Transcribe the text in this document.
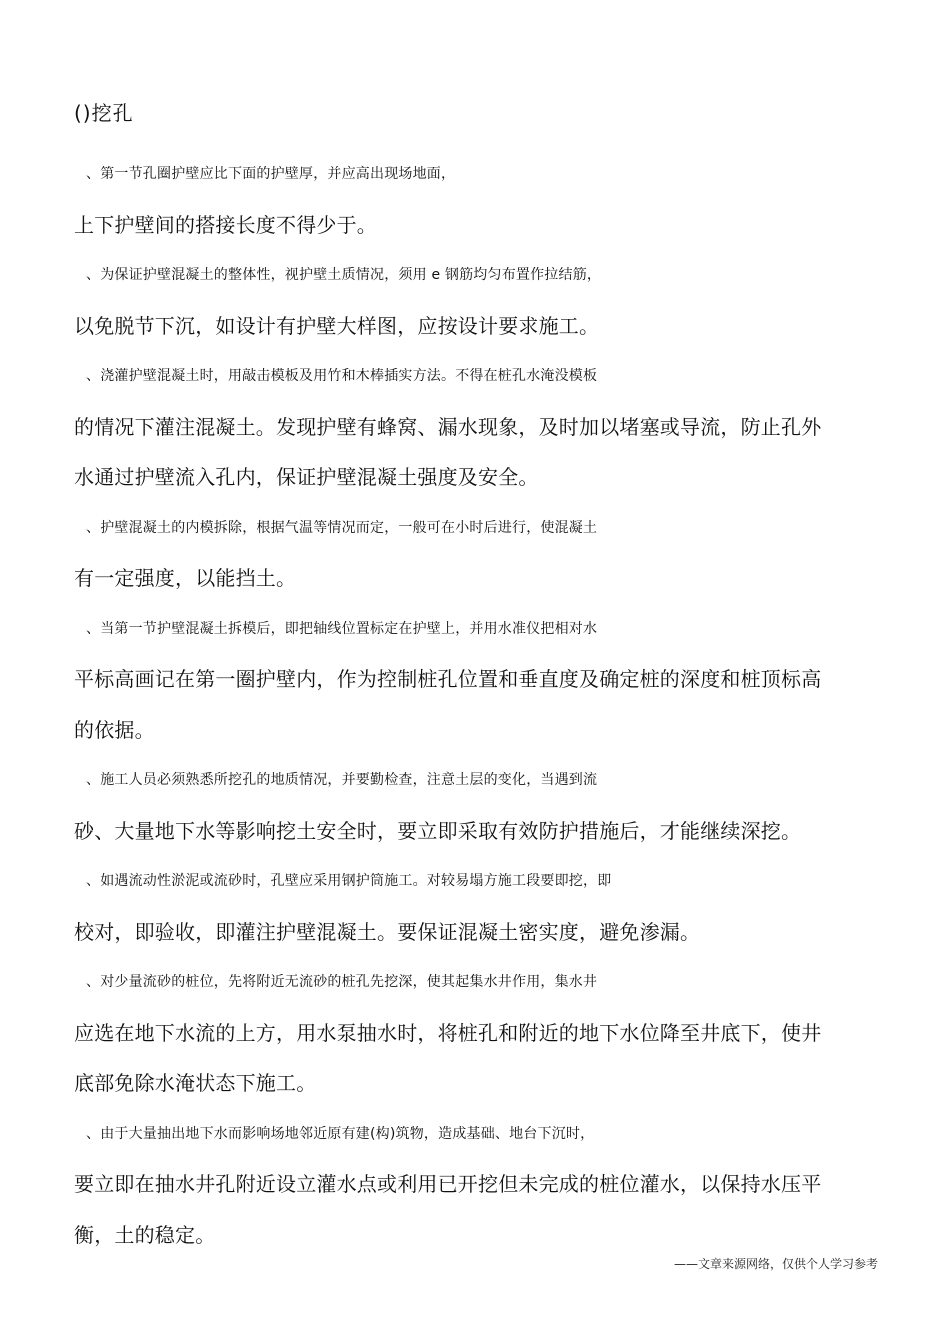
()挖孔

、第一节孔圈护壁应比下面的护壁厚，并应高出现场地面，
上下护壁间的搭接长度不得少于。

、为保证护壁混凝土的整体性，视护壁土质情况，须用 e 钢筋均匀布置作拉结筋，
以免脱节下沉，如设计有护壁大样图，应按设计要求施工。

、浇灌护壁混凝土时，用敲击模板及用竹和木棒插实方法。不得在桩孔水淹没模板
的情况下灌注混凝土。发现护壁有蜂窝、漏水现象，及时加以堵塞或导流，防止孔外
水通过护壁流入孔内，保证护壁混凝土强度及安全。

、护壁混凝土的内模拆除，根据气温等情况而定，一般可在小时后进行，使混凝土
有一定强度，以能挡土。

、当第一节护壁混凝土拆模后，即把轴线位置标定在护壁上，并用水准仪把相对水
平标高画记在第一圈护壁内，作为控制桩孔位置和垂直度及确定桩的深度和桩顶标高
的依据。

、施工人员必须熟悉所挖孔的地质情况，并要勤检查，注意土层的变化，当遇到流
砂、大量地下水等影响挖土安全时，要立即采取有效防护措施后，才能继续深挖。

、如遇流动性淤泥或流砂时，孔壁应采用钢护筒施工。对较易塌方施工段要即挖，即
校对，即验收，即灌注护壁混凝土。要保证混凝土密实度，避免渗漏。

、对少量流砂的桩位，先将附近无流砂的桩孔先挖深，使其起集水井作用，集水井
应选在地下水流的上方，用水泵抽水时，将桩孔和附近的地下水位降至井底下，使井
底部免除水淹状态下施工。

、由于大量抽出地下水而影响场地邻近原有建(构)筑物，造成基础、地台下沉时，
要立即在抽水井孔附近设立灌水点或利用已开挖但未完成的桩位灌水，以保持水压平
衡，土的稳定。

——文章来源网络，仅供个人学习参考
